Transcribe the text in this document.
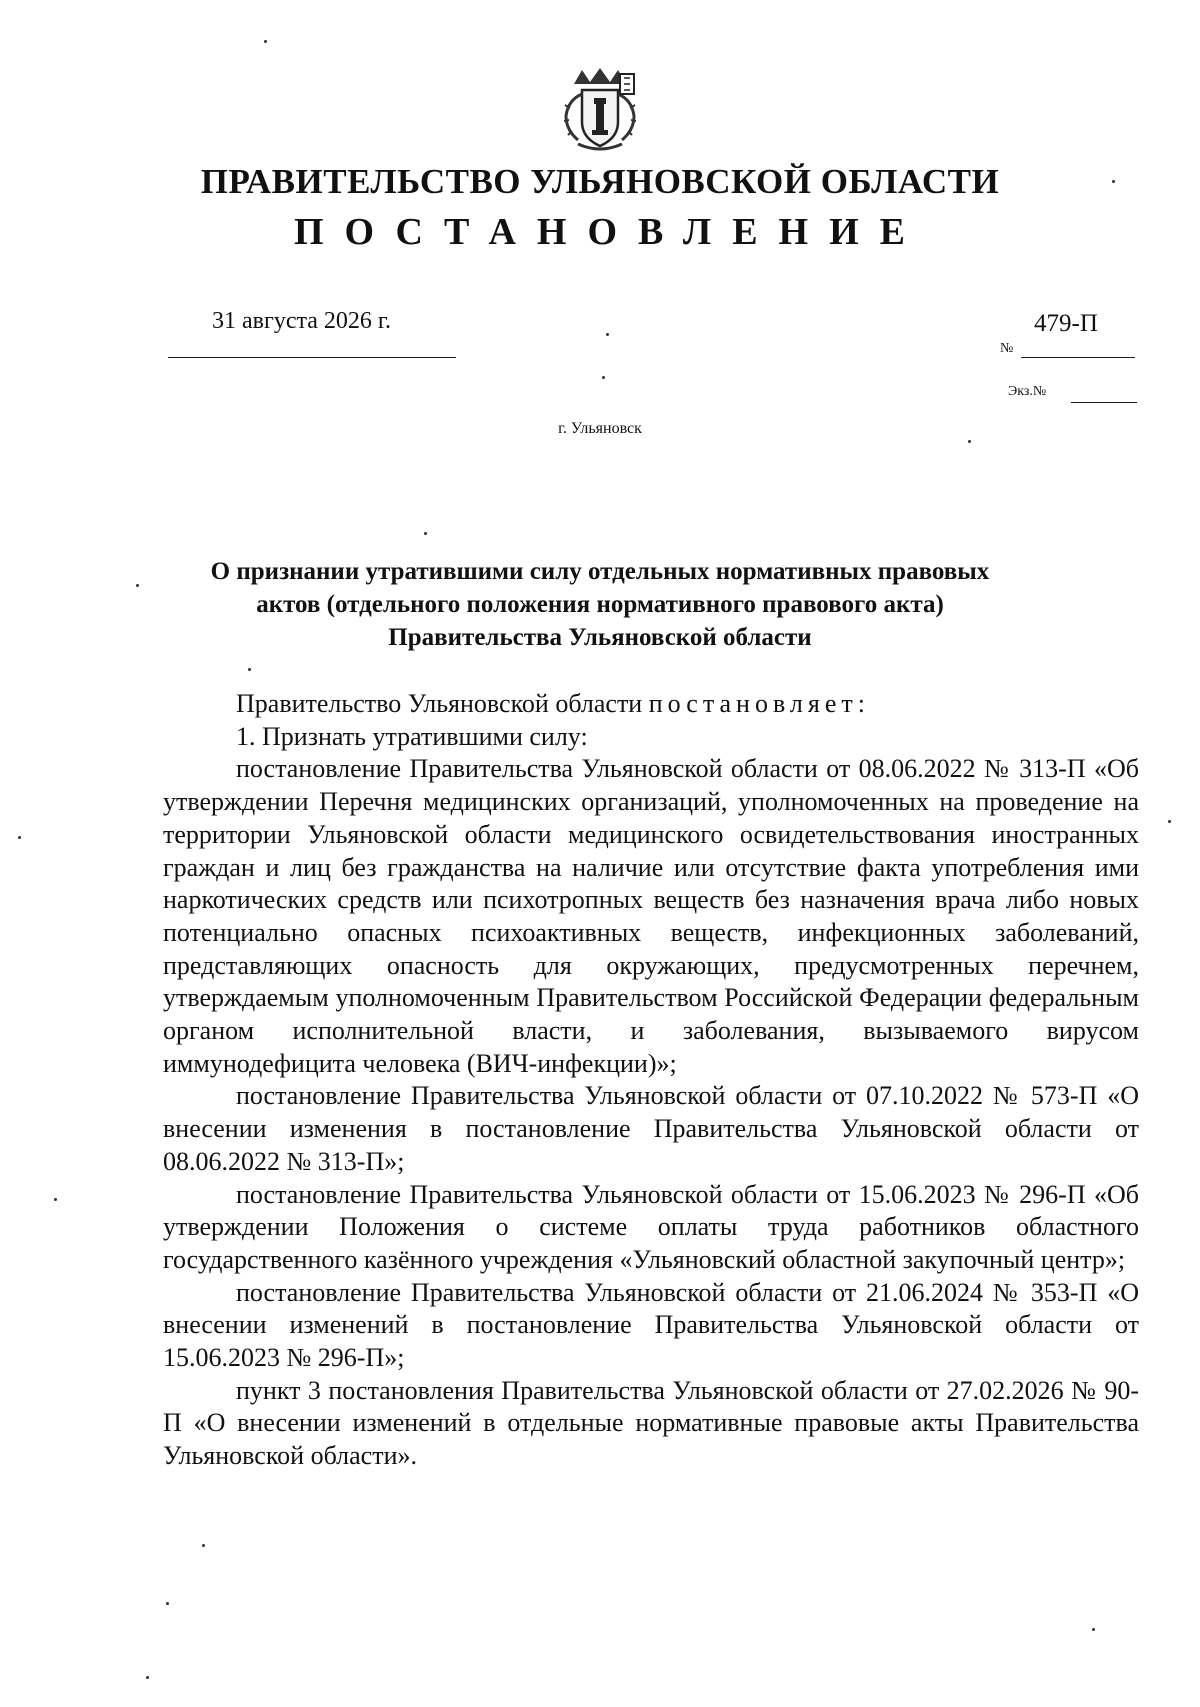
ПРАВИТЕЛЬСТВО УЛЬЯНОВСКОЙ ОБЛАСТИ
ПОСТАНОВЛЕНИЕ
31 августа 2026 г.
№
479-П
Экз.№
г. Ульяновск
О признании утратившими силу отдельных нормативных правовых актов (отдельного положения нормативного правового акта) Правительства Ульяновской области

Правительство Ульяновской области постановляет:

1. Признать утратившими силу:

постановление Правительства Ульяновской области от 08.06.2022 № 313-П «Об утверждении Перечня медицинских организаций, уполномоченных на проведение на территории Ульяновской области медицинского освидетельствования иностранных граждан и лиц без гражданства на наличие или отсутствие факта употребления ими наркотических средств или психотропных веществ без назначения врача либо новых потенциально опасных психоактивных веществ, инфекционных заболеваний, представляющих опасность для окружающих, предусмотренных перечнем, утверждаемым уполномоченным Правительством Российской Федерации федеральным органом исполнительной власти, и заболевания, вызываемого вирусом иммунодефицита человека (ВИЧ-инфекции)»;

постановление Правительства Ульяновской области от 07.10.2022 № 573-П «О внесении изменения в постановление Правительства Ульяновской области от 08.06.2022 № 313-П»;

постановление Правительства Ульяновской области от 15.06.2023 № 296-П «Об утверждении Положения о системе оплаты труда работников областного государственного казённого учреждения «Ульяновский областной закупочный центр»;

постановление Правительства Ульяновской области от 21.06.2024 № 353-П «О внесении изменений в постановление Правительства Ульяновской области от 15.06.2023 № 296-П»;

пункт 3 постановления Правительства Ульяновской области от 27.02.2026 № 90-П «О внесении изменений в отдельные нормативные правовые акты Правительства Ульяновской области».
